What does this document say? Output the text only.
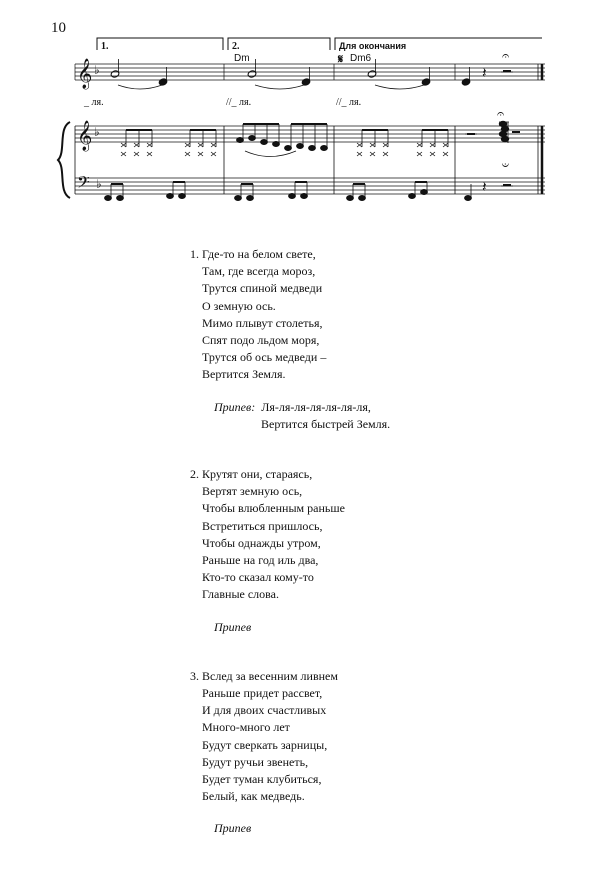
10
1.	2.	Для окончания
Dm	𝄋 Dm6
𝄞 ♭	𝄽
𝄐
_ ля.	//_ ля.	//_ ля.
𝄞 ♭
𝄢 ♭
𝄐
𝄐
𝄽
1. Где-то на белом свете,
Там, где всегда мороз,
Трутся спиной медведи
О земную ось.
Мимо плывут столетья,
Спят подо льдом моря,
Трутся об ось медведи –
Вертится Земля.
Припев: Ля-ля-ля-ля-ля-ля-ля,
Вертится быстрей Земля.
2. Крутят они, стараясь,
Вертят земную ось,
Чтобы влюбленным раньше
Встретиться пришлось,
Чтобы однажды утром,
Раньше на год иль два,
Кто-то сказал кому-то
Главные слова.
Припев
3. Вслед за весенним ливнем
Раньше придет рассвет,
И для двоих счастливых
Много-много лет
Будут сверкать зарницы,
Будут ручьи звенеть,
Будет туман клубиться,
Белый, как медведь.
Припев
